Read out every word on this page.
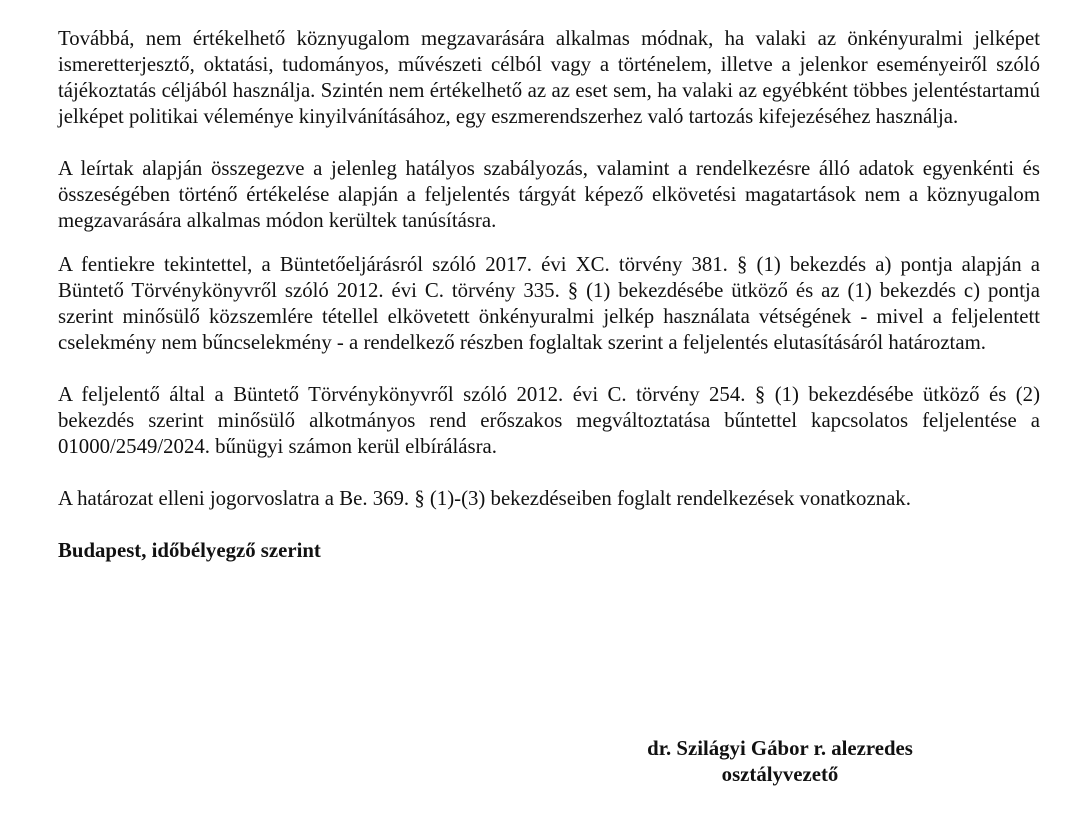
Továbbá, nem értékelhető köznyugalom megzavarására alkalmas módnak, ha valaki az önkényuralmi jelképet ismeretterjesztő, oktatási, tudományos, művészeti célból vagy a történelem, illetve a jelenkor eseményeiről szóló tájékoztatás céljából használja. Szintén nem értékelhető az az eset sem, ha valaki az egyébként többes jelentéstartamú jelképet politikai véleménye kinyilvánításához, egy eszmerendszerhez való tartozás kifejezéséhez használja.

A leírtak alapján összegezve a jelenleg hatályos szabályozás, valamint a rendelkezésre álló adatok egyenkénti és összeségében történő értékelése alapján a feljelentés tárgyát képező elkövetési magatartások nem a köznyugalom megzavarására alkalmas módon kerültek tanúsításra.

A fentiekre tekintettel, a Büntetőeljárásról szóló 2017. évi XC. törvény 381. § (1) bekezdés a) pontja alapján a Büntető Törvénykönyvről szóló 2012. évi C. törvény 335. § (1) bekezdésébe ütköző és az (1) bekezdés c) pontja szerint minősülő közszemlére tétellel elkövetett önkényuralmi jelkép használata vétségének - mivel a feljelentett cselekmény nem bűncselekmény - a rendelkező részben foglaltak szerint a feljelentés elutasításáról határoztam.

A feljelentő által a Büntető Törvénykönyvről szóló 2012. évi C. törvény 254. § (1) bekezdésébe ütköző és (2) bekezdés szerint minősülő alkotmányos rend erőszakos megváltoztatása bűntettel kapcsolatos feljelentése a 01000/2549/2024. bűnügyi számon kerül elbírálásra.

A határozat elleni jogorvoslatra a Be. 369. § (1)-(3) bekezdéseiben foglalt rendelkezések vonatkoznak.

Budapest, időbélyegző szerint

dr. Szilágyi Gábor r. alezredes
osztályvezető
